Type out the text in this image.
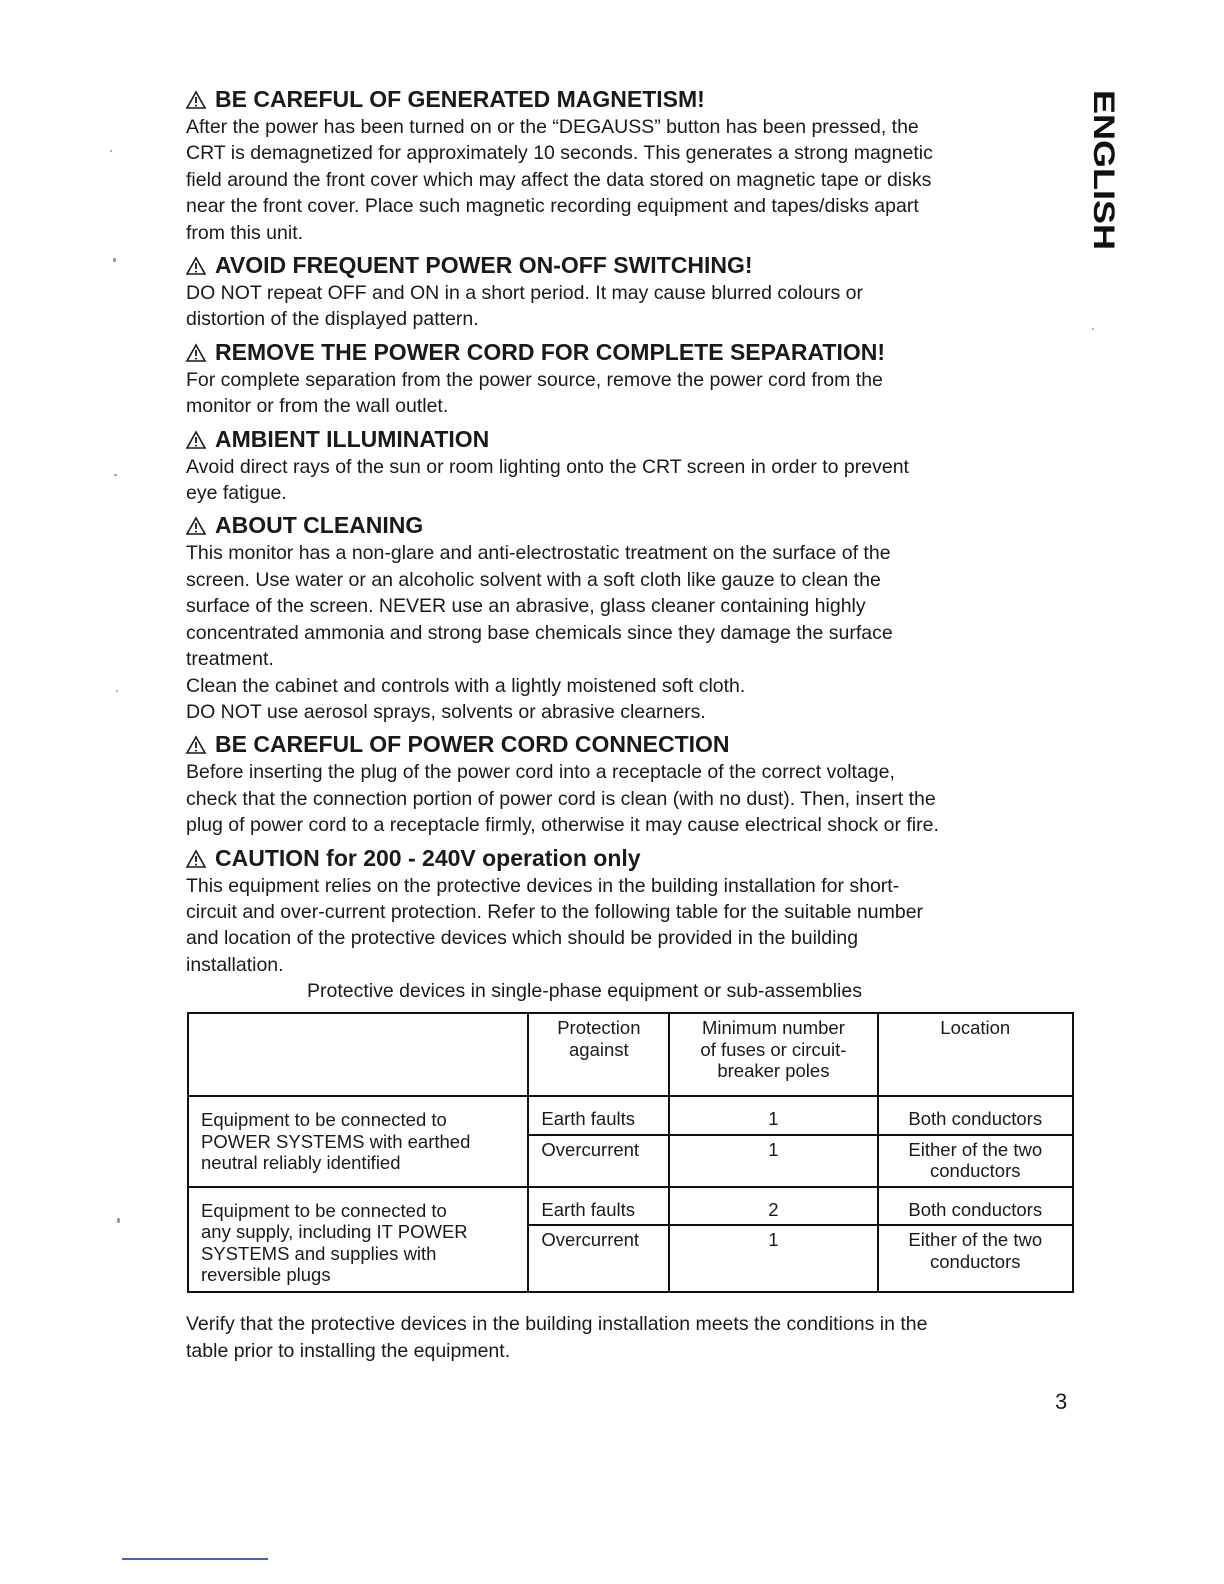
BE CAREFUL OF GENERATED MAGNETISM!

After the power has been turned on or the “DEGAUSS” button has been pressed, the
CRT is demagnetized for approximately 10 seconds. This generates a strong magnetic
field around the front cover which may affect the data stored on magnetic tape or disks
near the front cover. Place such magnetic recording equipment and tapes/disks apart
from this unit.

AVOID FREQUENT POWER ON-OFF SWITCHING!

DO NOT repeat OFF and ON in a short period. It may cause blurred colours or
distortion of the displayed pattern.

REMOVE THE POWER CORD FOR COMPLETE SEPARATION!

For complete separation from the power source, remove the power cord from the
monitor or from the wall outlet.

AMBIENT ILLUMINATION

Avoid direct rays of the sun or room lighting onto the CRT screen in order to prevent
eye fatigue.

ABOUT CLEANING

This monitor has a non-glare and anti-electrostatic treatment on the surface of the
screen. Use water or an alcoholic solvent with a soft cloth like gauze to clean the
surface of the screen. NEVER use an abrasive, glass cleaner containing highly
concentrated ammonia and strong base chemicals since they damage the surface
treatment.
Clean the cabinet and controls with a lightly moistened soft cloth.
DO NOT use aerosol sprays, solvents or abrasive clearners.

BE CAREFUL OF POWER CORD CONNECTION

Before inserting the plug of the power cord into a receptacle of the correct voltage,
check that the connection portion of power cord is clean (with no dust). Then, insert the
plug of power cord to a receptacle firmly, otherwise it may cause electrical shock or fire.

CAUTION for 200 - 240V operation only

This equipment relies on the protective devices in the building installation for short-
circuit and over-current protection. Refer to the following table for the suitable number
and location of the protective devices which should be provided in the building
installation.

Protective devices in single-phase equipment or sub-assemblies

	Protection
against	Minimum number
of fuses or circuit-
breaker poles	Location

Equipment to be connected to
POWER SYSTEMS with earthed
neutral reliably identified	Earth faults	1	Both conductors

	Overcurrent	1	Either of the two
conductors

Equipment to be connected to
any supply, including IT POWER
SYSTEMS and supplies with
reversible plugs	Earth faults	2	Both conductors

	Overcurrent	1	Either of the two
conductors
Verify that the protective devices in the building installation meets the conditions in the
table prior to installing the equipment.
3
ENGLISH
